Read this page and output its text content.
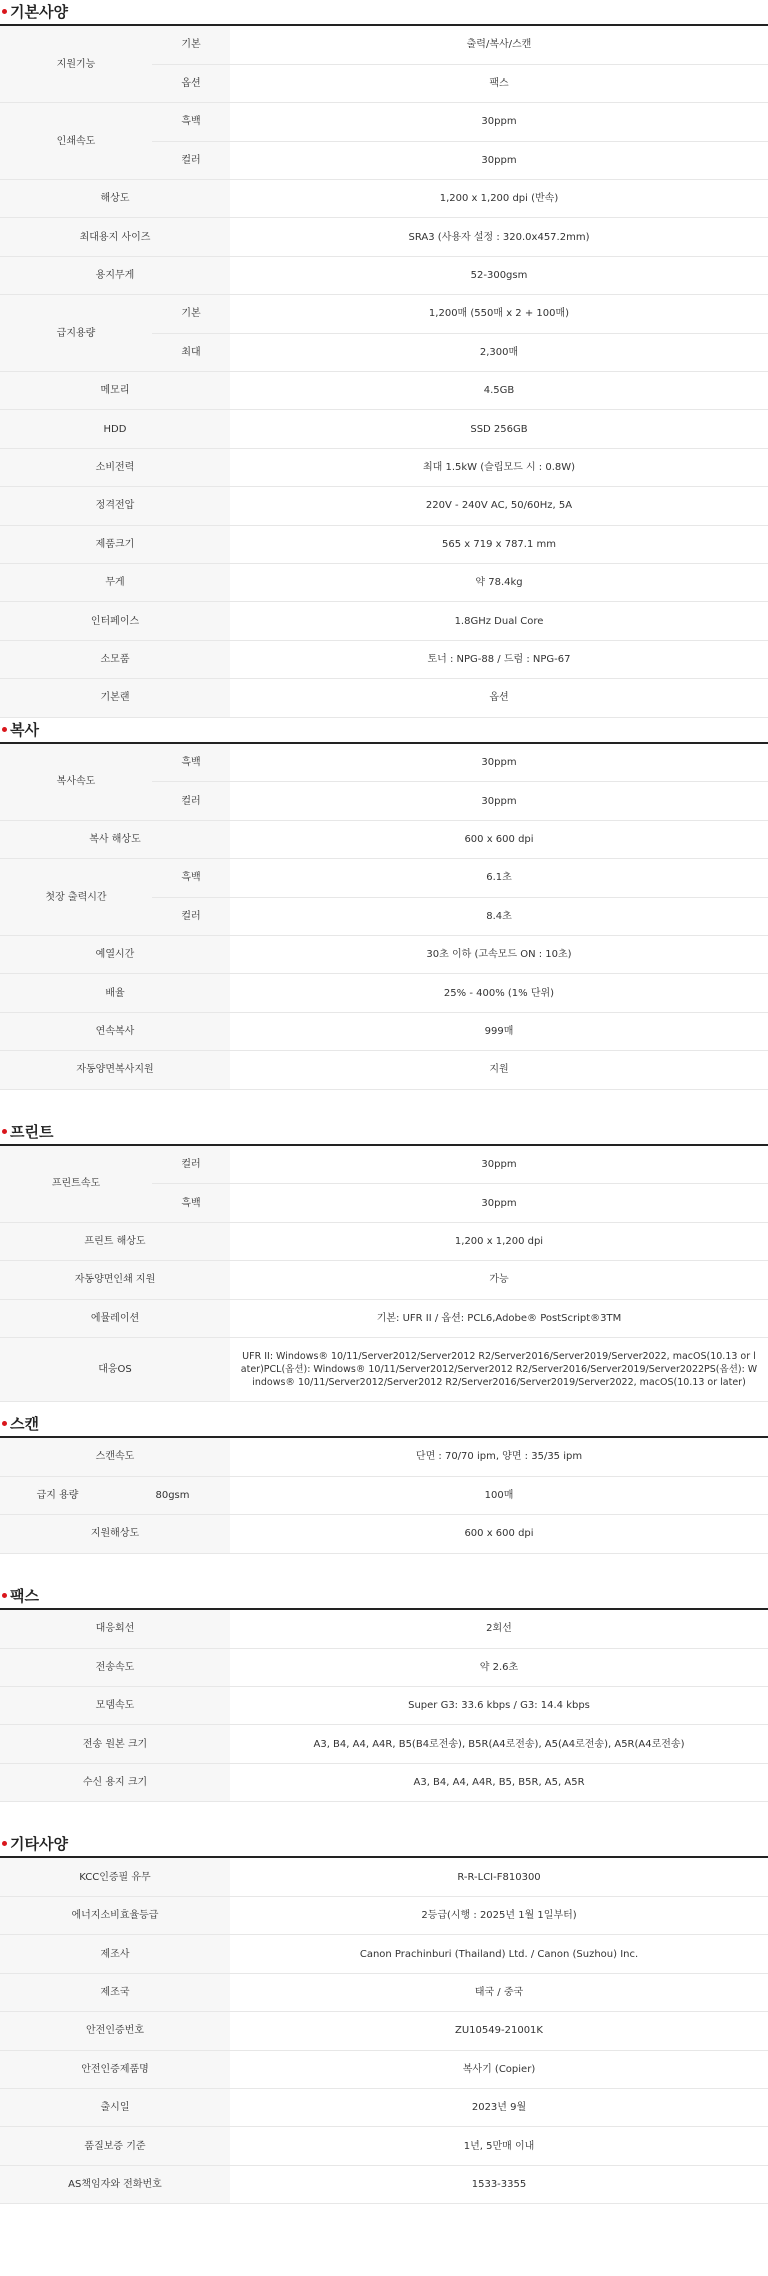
기본사양
지원기능	기본	출력/복사/스캔
	옵션	팩스
인쇄속도	흑백	30ppm
	컬러	30ppm
해상도		1,200 x 1,200 dpi (반속)
최대용지 사이즈		SRA3 (사용자 설정 : 320.0x457.2mm)
용지무게		52-300gsm
급지용량	기본	1,200매 (550매 x 2 + 100매)
	최대	2,300매
메모리		4.5GB
HDD		SSD 256GB
소비전력		최대 1.5kW (슬립모드 시 : 0.8W)
정격전압		220V - 240V AC, 50/60Hz, 5A
제품크기		565 x 719 x 787.1 mm
무게		약 78.4kg
인터페이스		1.8GHz Dual Core
소모품		토너 : NPG-88 / 드럼 : NPG-67
기본랜		옵션
복사
복사속도	흑백	30ppm
	컬러	30ppm
복사 해상도		600 x 600 dpi
첫장 출력시간	흑백	6.1초
	컬러	8.4초
예열시간		30초 이하 (고속모드 ON : 10초)
배율		25% - 400% (1% 단위)
연속복사		999매
자동양면복사지원		지원
프린트
프린트속도	컬러	30ppm
	흑백	30ppm
프린트 해상도		1,200 x 1,200 dpi
자동양면인쇄 지원		가능
에뮬레이션		기본: UFR II / 옵션: PCL6,Adobe® PostScript®3TM
대응OS		UFR II: Windows® 10/11/Server2012/Server2012 R2/Server2016/Server2019/Server2022, macOS(10.13 or later)PCL(옵션): Windows® 10/11/Server2012/Server2012 R2/Server2016/Server2019/Server2022PS(옵션): Windows® 10/11/Server2012/Server2012 R2/Server2016/Server2019/Server2022, macOS(10.13 or later)
스캔
스캔속도		단면 : 70/70 ipm, 양면 : 35/35 ipm
급지 용량	80gsm	100매
지원해상도		600 x 600 dpi
팩스
대응회선	2회선
전송속도	약 2.6초
모뎀속도	Super G3: 33.6 kbps / G3: 14.4 kbps
전송 원본 크기	A3, B4, A4, A4R, B5(B4로전송), B5R(A4로전송), A5(A4로전송), A5R(A4로전송)
수신 용지 크기	A3, B4, A4, A4R, B5, B5R, A5, A5R
기타사양
KCC인증필 유무	R-R-LCI-F810300
에너지소비효율등급	2등급(시행 : 2025년 1월 1일부터)
제조사	Canon Prachinburi (Thailand) Ltd. / Canon (Suzhou) Inc.
제조국	태국 / 중국
안전인증번호	ZU10549-21001K
안전인증제품명	복사기 (Copier)
출시일	2023년 9월
품질보증 기준	1년, 5만매 이내
AS책임자와 전화번호	1533-3355
